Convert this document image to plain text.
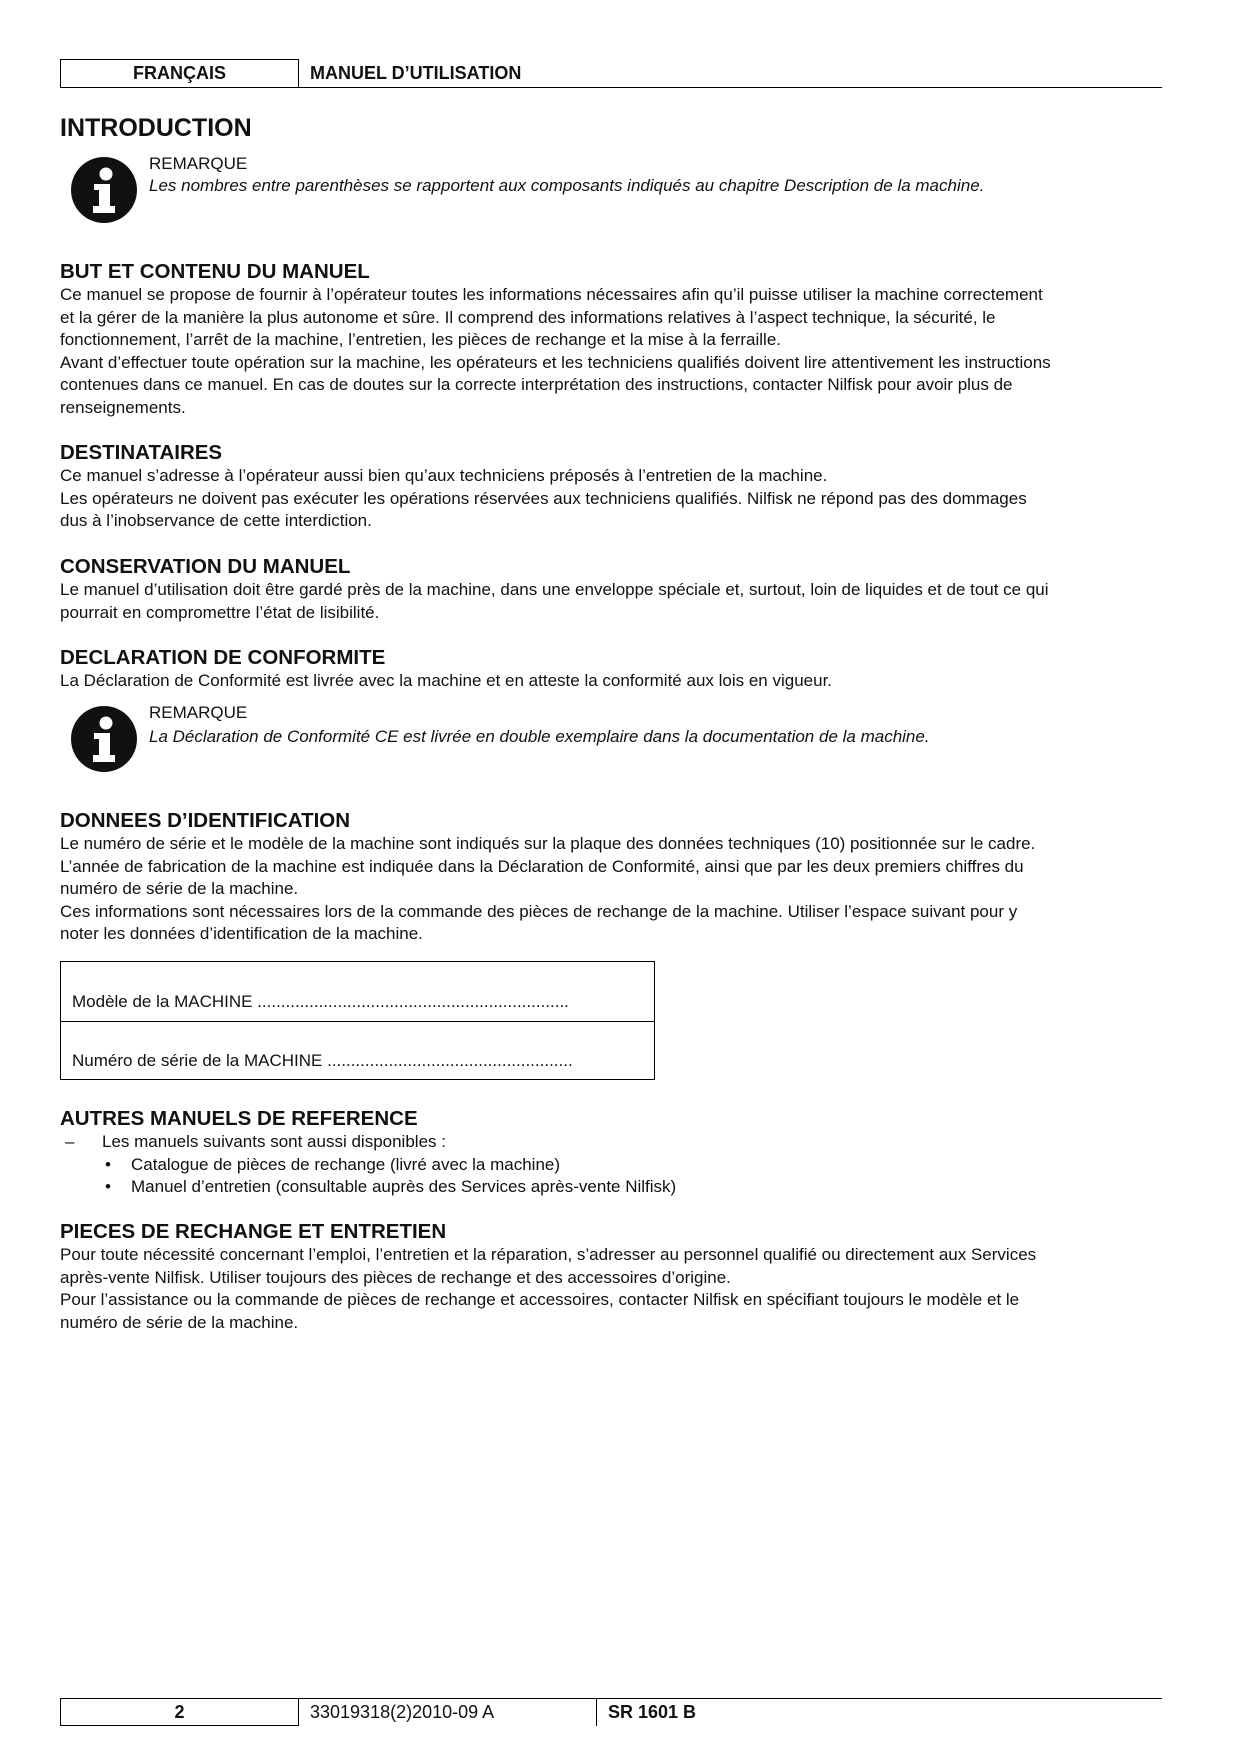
FRANÇAIS	MANUEL D’UTILISATION
INTRODUCTION
REMARQUE
Les nombres entre parenthèses se rapportent aux composants indiqués au chapitre Description de la machine.
BUT ET CONTENU DU MANUEL
Ce manuel se propose de fournir à l’opérateur toutes les informations nécessaires afin qu’il puisse utiliser la machine correctement
et la gérer de la manière la plus autonome et sûre. Il comprend des informations relatives à l’aspect technique, la sécurité, le
fonctionnement, l’arrêt de la machine, l’entretien, les pièces de rechange et la mise à la ferraille.
Avant d’effectuer toute opération sur la machine, les opérateurs et les techniciens qualifiés doivent lire attentivement les instructions
contenues dans ce manuel. En cas de doutes sur la correcte interprétation des instructions, contacter Nilfisk pour avoir plus de
renseignements.
DESTINATAIRES
Ce manuel s’adresse à l’opérateur aussi bien qu’aux techniciens préposés à l’entretien de la machine.
Les opérateurs ne doivent pas exécuter les opérations réservées aux techniciens qualifiés. Nilfisk ne répond pas des dommages
dus à l’inobservance de cette interdiction.
CONSERVATION DU MANUEL
Le manuel d’utilisation doit être gardé près de la machine, dans une enveloppe spéciale et, surtout, loin de liquides et de tout ce qui
pourrait en compromettre l’état de lisibilité.
DECLARATION DE CONFORMITE
La Déclaration de Conformité est livrée avec la machine et en atteste la conformité aux lois en vigueur.
REMARQUE
La Déclaration de Conformité CE est livrée en double exemplaire dans la documentation de la machine.
DONNEES D’IDENTIFICATION
Le numéro de série et le modèle de la machine sont indiqués sur la plaque des données techniques (10) positionnée sur le cadre.
L’année de fabrication de la machine est indiquée dans la Déclaration de Conformité, ainsi que par les deux premiers chiffres du
numéro de série de la machine.
Ces informations sont nécessaires lors de la commande des pièces de rechange de la machine. Utiliser l’espace suivant pour y
noter les données d’identification de la machine.
Modèle de la MACHINE ..................................................................
Numéro de série de la MACHINE ....................................................
AUTRES MANUELS DE REFERENCE
– Les manuels suivants sont aussi disponibles :
• Catalogue de pièces de rechange (livré avec la machine)
• Manuel d’entretien (consultable auprès des Services après-vente Nilfisk)
PIECES DE RECHANGE ET ENTRETIEN
Pour toute nécessité concernant l’emploi, l’entretien et la réparation, s’adresser au personnel qualifié ou directement aux Services
après-vente Nilfisk. Utiliser toujours des pièces de rechange et des accessoires d’origine.
Pour l’assistance ou la commande de pièces de rechange et accessoires, contacter Nilfisk en spécifiant toujours le modèle et le
numéro de série de la machine.
2	33019318(2)2010-09 A	SR 1601 B
